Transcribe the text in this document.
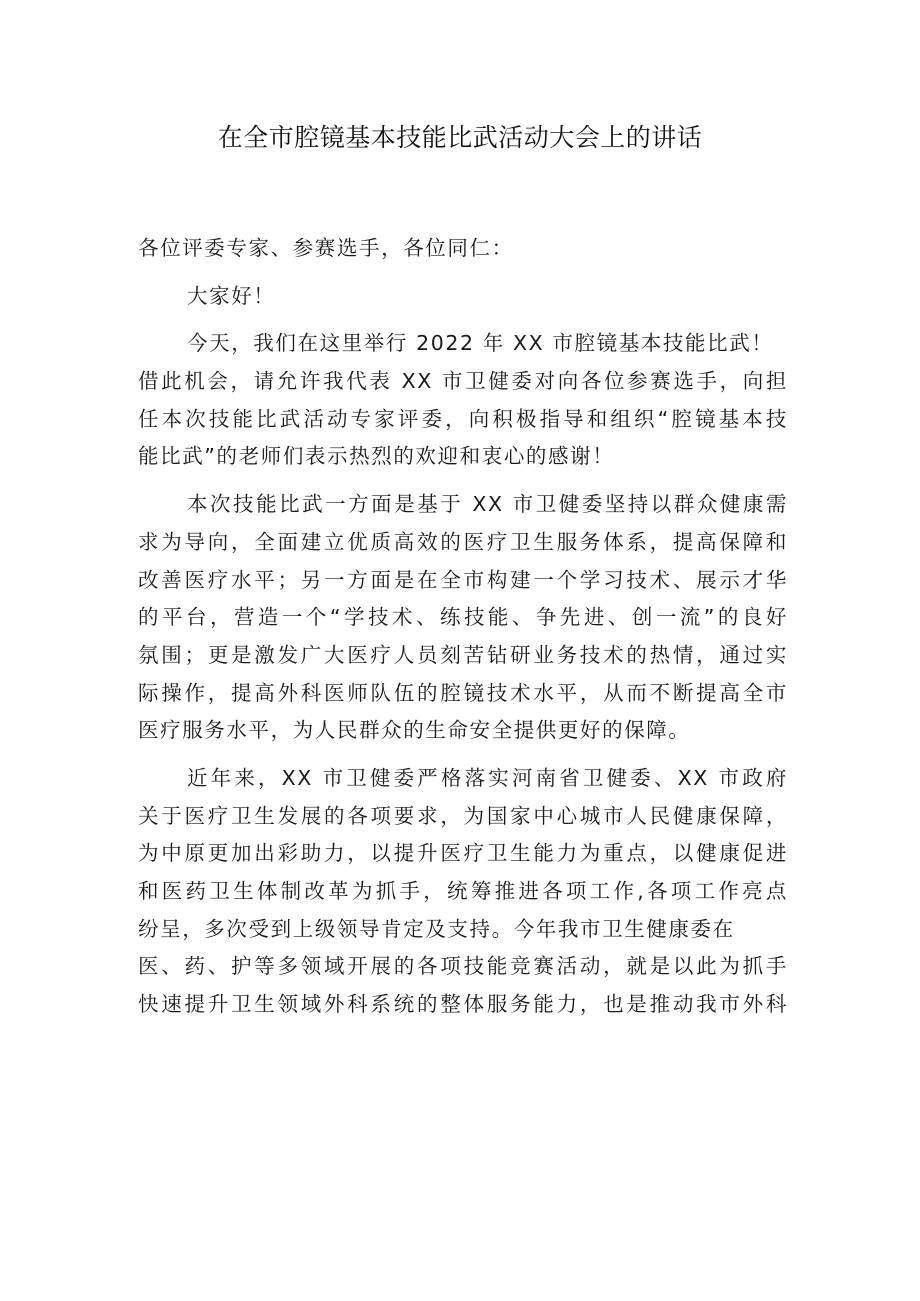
在全市腔镜基本技能比武活动大会上的讲话
各位评委专家、参赛选手，各位同仁：
大家好！
今天，我们在这里举行 2022 年 XX 市腔镜基本技能比武！
借此机会，请允许我代表 XX 市卫健委对向各位参赛选手，向担
任本次技能比武活动专家评委，向积极指导和组织“腔镜基本技
能比武”的老师们表示热烈的欢迎和衷心的感谢！
本次技能比武一方面是基于 XX 市卫健委坚持以群众健康需
求为导向，全面建立优质高效的医疗卫生服务体系，提高保障和
改善医疗水平；另一方面是在全市构建一个学习技术、展示才华
的平台，营造一个“学技术、练技能、争先进、创一流”的良好
氛围；更是激发广大医疗人员刻苦钻研业务技术的热情，通过实
际操作，提高外科医师队伍的腔镜技术水平，从而不断提高全市
医疗服务水平，为人民群众的生命安全提供更好的保障。
近年来，XX 市卫健委严格落实河南省卫健委、XX 市政府
关于医疗卫生发展的各项要求，为国家中心城市人民健康保障，
为中原更加出彩助力，以提升医疗卫生能力为重点，以健康促进
和医药卫生体制改革为抓手，统筹推进各项工作,各项工作亮点
纷呈，多次受到上级领导肯定及支持。今年我市卫生健康委在
医、药、护等多领域开展的各项技能竞赛活动，就是以此为抓手
快速提升卫生领域外科系统的整体服务能力，也是推动我市外科
